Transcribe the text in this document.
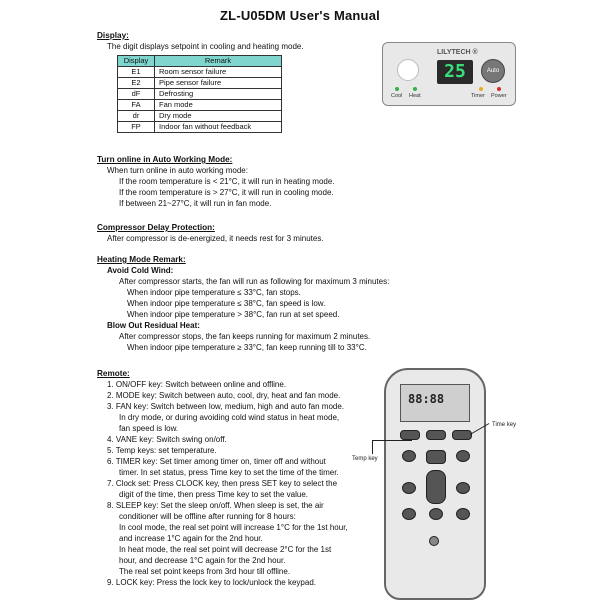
ZL-U05DM User's Manual
Display:
The digit displays setpoint in cooling and heating mode.
Display	Remark
E1	Room sensor failure
E2	Pipe sensor failure
dF	Defrosting
FA	Fan mode
dr	Dry mode
FP	Indoor fan without feedback
LILYTECH ®
25	Auto
Cool Heat	Timer Power
Turn online in Auto Working Mode:
When turn online in auto working mode:
If the room temperature is < 21°C, it will run in heating mode.
If the room temperature is > 27°C, it will run in cooling mode.
If between 21~27°C, it will run in fan mode.
Compressor Delay Protection:
After compressor is de-energized, it needs rest for 3 minutes.
Heating Mode Remark:
Avoid Cold Wind:
After compressor starts, the fan will run as following for maximum 3 minutes:
When indoor pipe temperature ≤ 33°C, fan stops.
When indoor pipe temperature ≤ 38°C, fan speed is low.
When indoor pipe temperature > 38°C, fan run at set speed.
Blow Out Residual Heat:
After compressor stops, the fan keeps running for maximum 2 minutes.
When indoor pipe temperature ≥ 33°C, fan keep running till to 33°C.
Remote:
1. ON/OFF key: Switch between online and offline.
2. MODE key: Switch between auto, cool, dry, heat and fan mode.
3. FAN key: Switch between low, medium, high and auto fan mode.
In dry mode, or during avoiding cold wind status in heat mode,
fan speed is low.
4. VANE key: Switch swing on/off.
5. Temp keys: set temperature.
6. TIMER key: Set timer among timer on, timer off and without
timer. In set status, press Time key to set the time of the timer.
7. Clock set: Press CLOCK key, then press SET key to select the
digit of the time, then press Time key to set the value.
8. SLEEP key: Set the sleep on/off. When sleep is set, the air
conditioner will be offline after running for 8 hours:
In cool mode, the real set point will increase 1°C for the 1st hour,
and increase 1°C again for the 2nd hour.
In heat mode, the real set point will decrease 2°C for the 1st
hour, and decrease 1°C again for the 2nd hour.
The real set point keeps from 3rd hour till offline.
9. LOCK key: Press the lock key to lock/unlock the keypad.
88:88
Temp key
Time key
